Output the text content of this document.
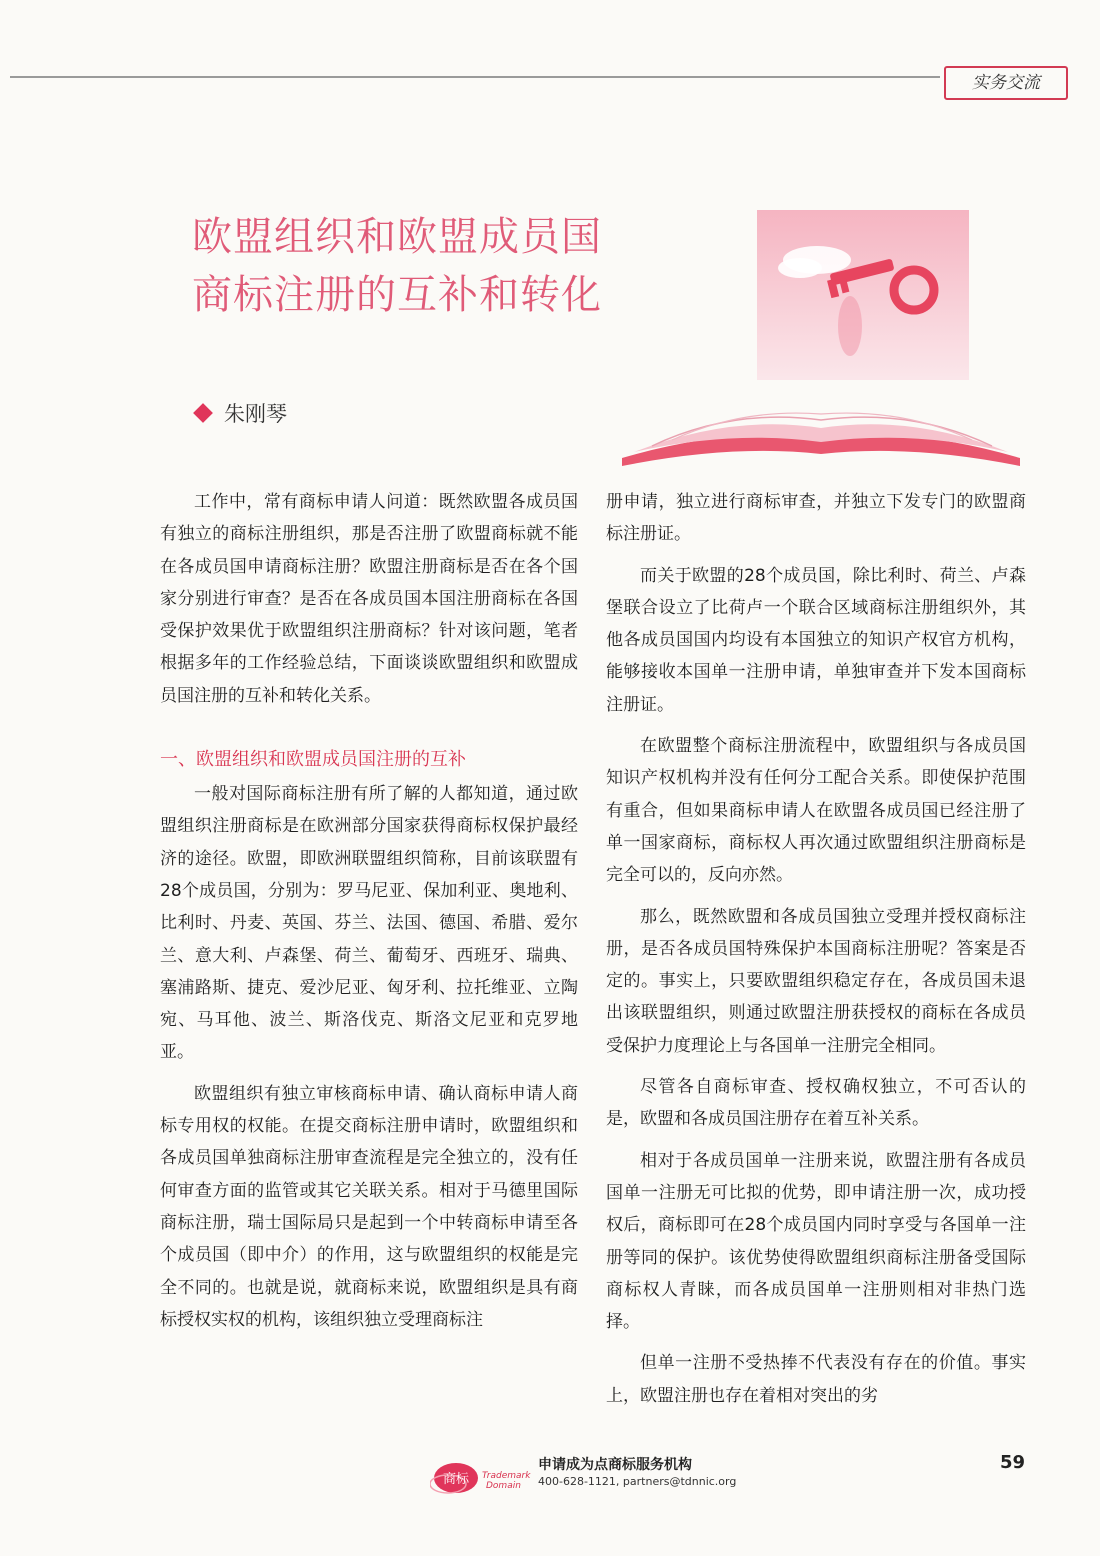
实务交流
欧盟组织和欧盟成员国
商标注册的互补和转化
朱刚琴

工作中，常有商标申请人问道：既然欧盟各成员国有独立的商标注册组织，那是否注册了欧盟商标就不能在各成员国申请商标注册？欧盟注册商标是否在各个国家分别进行审查？是否在各成员国本国注册商标在各国受保护效果优于欧盟组织注册商标？针对该问题，笔者根据多年的工作经验总结，下面谈谈欧盟组织和欧盟成员国注册的互补和转化关系。

一、欧盟组织和欧盟成员国注册的互补

一般对国际商标注册有所了解的人都知道，通过欧盟组织注册商标是在欧洲部分国家获得商标权保护最经济的途径。欧盟，即欧洲联盟组织简称，目前该联盟有28个成员国，分别为：罗马尼亚、保加利亚、奥地利、比利时、丹麦、英国、芬兰、法国、德国、希腊、爱尔兰、意大利、卢森堡、荷兰、葡萄牙、西班牙、瑞典、塞浦路斯、捷克、爱沙尼亚、匈牙利、拉托维亚、立陶宛、马耳他、波兰、斯洛伐克、斯洛文尼亚和克罗地亚。

欧盟组织有独立审核商标申请、确认商标申请人商标专用权的权能。在提交商标注册申请时，欧盟组织和各成员国单独商标注册审查流程是完全独立的，没有任何审查方面的监管或其它关联关系。相对于马德里国际商标注册，瑞士国际局只是起到一个中转商标申请至各个成员国（即中介）的作用，这与欧盟组织的权能是完全不同的。也就是说，就商标来说，欧盟组织是具有商标授权实权的机构，该组织独立受理商标注

册申请，独立进行商标审查，并独立下发专门的欧盟商标注册证。

而关于欧盟的28个成员国，除比利时、荷兰、卢森堡联合设立了比荷卢一个联合区域商标注册组织外，其他各成员国国内均设有本国独立的知识产权官方机构，能够接收本国单一注册申请，单独审查并下发本国商标注册证。

在欧盟整个商标注册流程中，欧盟组织与各成员国知识产权机构并没有任何分工配合关系。即使保护范围有重合，但如果商标申请人在欧盟各成员国已经注册了单一国家商标，商标权人再次通过欧盟组织注册商标是完全可以的，反向亦然。

那么，既然欧盟和各成员国独立受理并授权商标注册，是否各成员国特殊保护本国商标注册呢？答案是否定的。事实上，只要欧盟组织稳定存在，各成员国未退出该联盟组织，则通过欧盟注册获授权的商标在各成员受保护力度理论上与各国单一注册完全相同。

尽管各自商标审查、授权确权独立，不可否认的是，欧盟和各成员国注册存在着互补关系。

相对于各成员国单一注册来说，欧盟注册有各成员国单一注册无可比拟的优势，即申请注册一次，成功授权后，商标即可在28个成员国内同时享受与各国单一注册等同的保护。该优势使得欧盟组织商标注册备受国际商标权人青睐，而各成员国单一注册则相对非热门选择。

但单一注册不受热捧不代表没有存在的价值。事实上，欧盟注册也存在着相对突出的劣

商标 Trademark
Domain
申请成为点商标服务机构
400-628-1121, partners@tdnnic.org
59
